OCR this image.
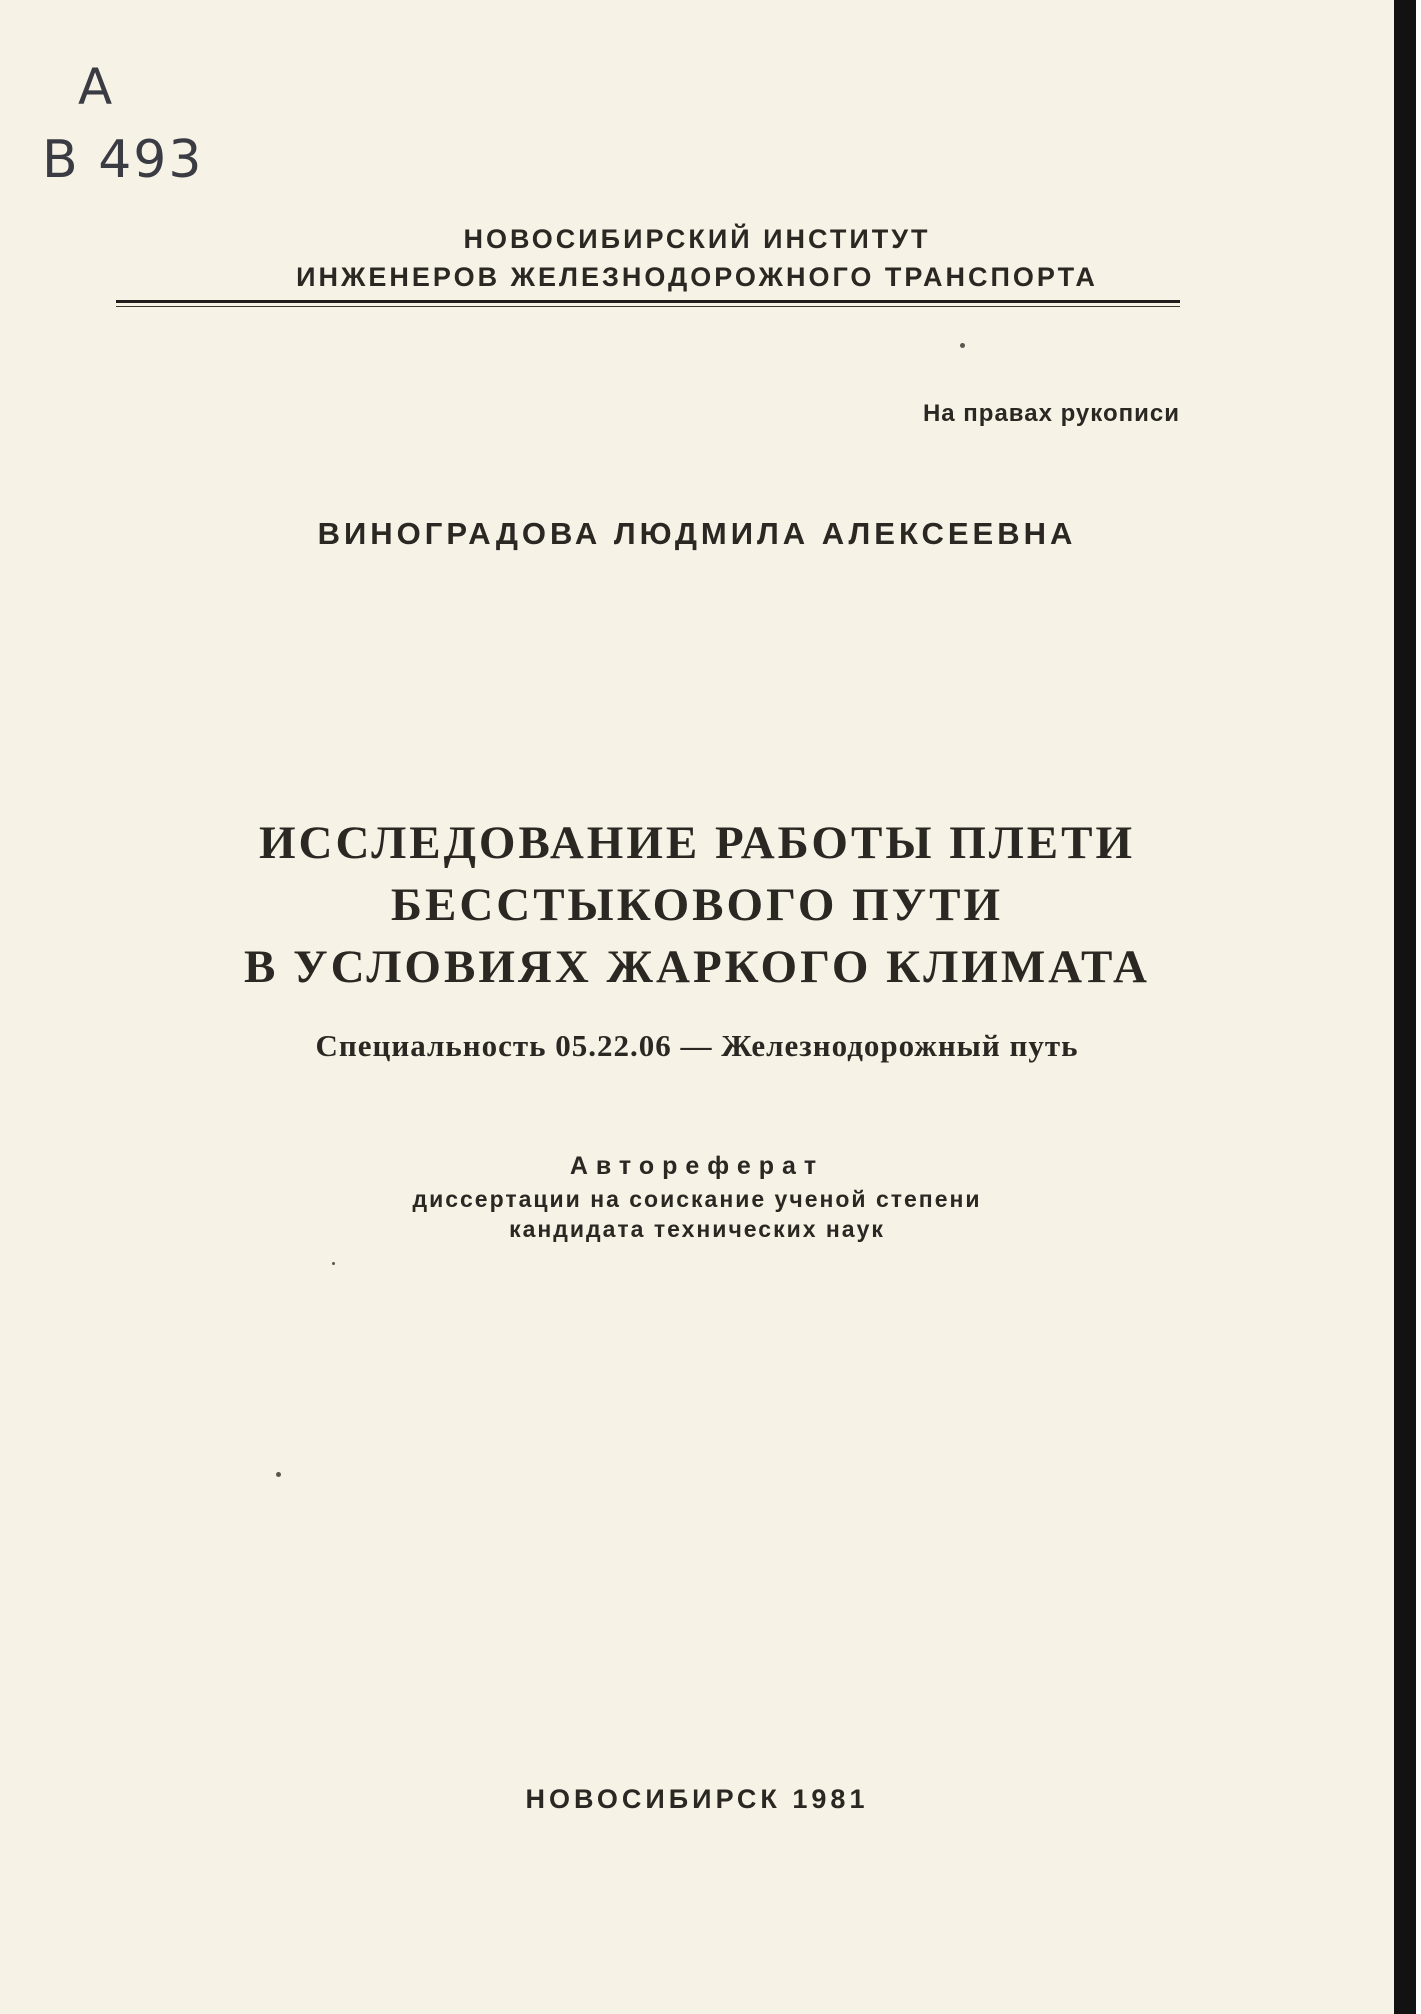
А
В 493
НОВОСИБИРСКИЙ ИНСТИТУТ
ИНЖЕНЕРОВ ЖЕЛЕЗНОДОРОЖНОГО ТРАНСПОРТА
На правах рукописи
ВИНОГРАДОВА ЛЮДМИЛА АЛЕКСЕЕВНА
ИССЛЕДОВАНИЕ РАБОТЫ ПЛЕТИ
БЕССТЫКОВОГО ПУТИ
В УСЛОВИЯХ ЖАРКОГО КЛИМАТА
Специальность 05.22.06 — Железнодорожный путь
Автореферат
диссертации на соискание ученой степени
кандидата технических наук
НОВОСИБИРСК 1981
